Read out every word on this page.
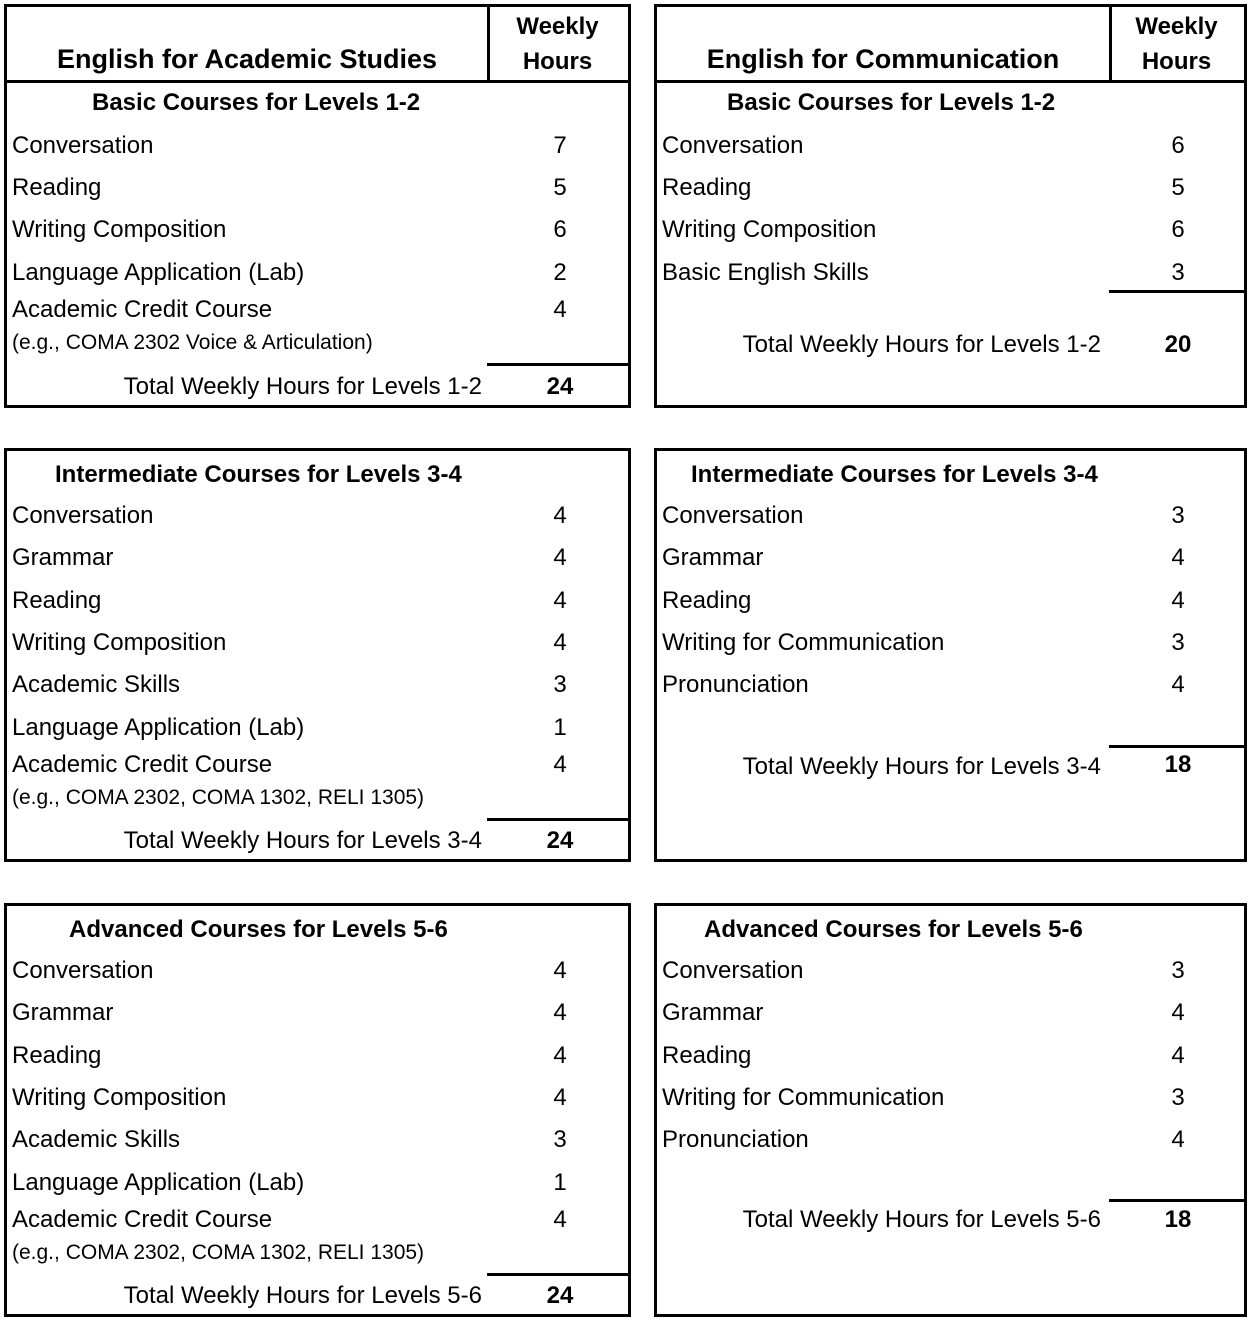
English for Academic Studies
Weekly
Hours
Basic Courses for Levels 1-2
Conversation	7
Reading	5
Writing Composition	6
Language Application (Lab)	2
Academic Credit Course	4
(e.g., COMA 2302 Voice & Articulation)
Total Weekly Hours for Levels 1-2	24
Intermediate Courses for Levels 3-4
Conversation	4
Grammar	4
Reading	4
Writing Composition	4
Academic Skills	3
Language Application (Lab)	1
Academic Credit Course	4
(e.g., COMA 2302, COMA 1302, RELI 1305)
Total Weekly Hours for Levels 3-4	24
Advanced Courses for Levels 5-6
Conversation	4
Grammar	4
Reading	4
Writing Composition	4
Academic Skills	3
Language Application (Lab)	1
Academic Credit Course	4
(e.g., COMA 2302, COMA 1302, RELI 1305)
Total Weekly Hours for Levels 5-6	24
English for Communication
Weekly
Hours
Basic Courses for Levels 1-2
Conversation	6
Reading	5
Writing Composition	6
Basic English Skills	3
Total Weekly Hours for Levels 1-2	20
Intermediate Courses for Levels 3-4
Conversation	3
Grammar	4
Reading	4
Writing for Communication	3
Pronunciation	4
Total Weekly Hours for Levels 3-4	18
Advanced Courses for Levels 5-6
Conversation	3
Grammar	4
Reading	4
Writing for Communication	3
Pronunciation	4
Total Weekly Hours for Levels 5-6	18
